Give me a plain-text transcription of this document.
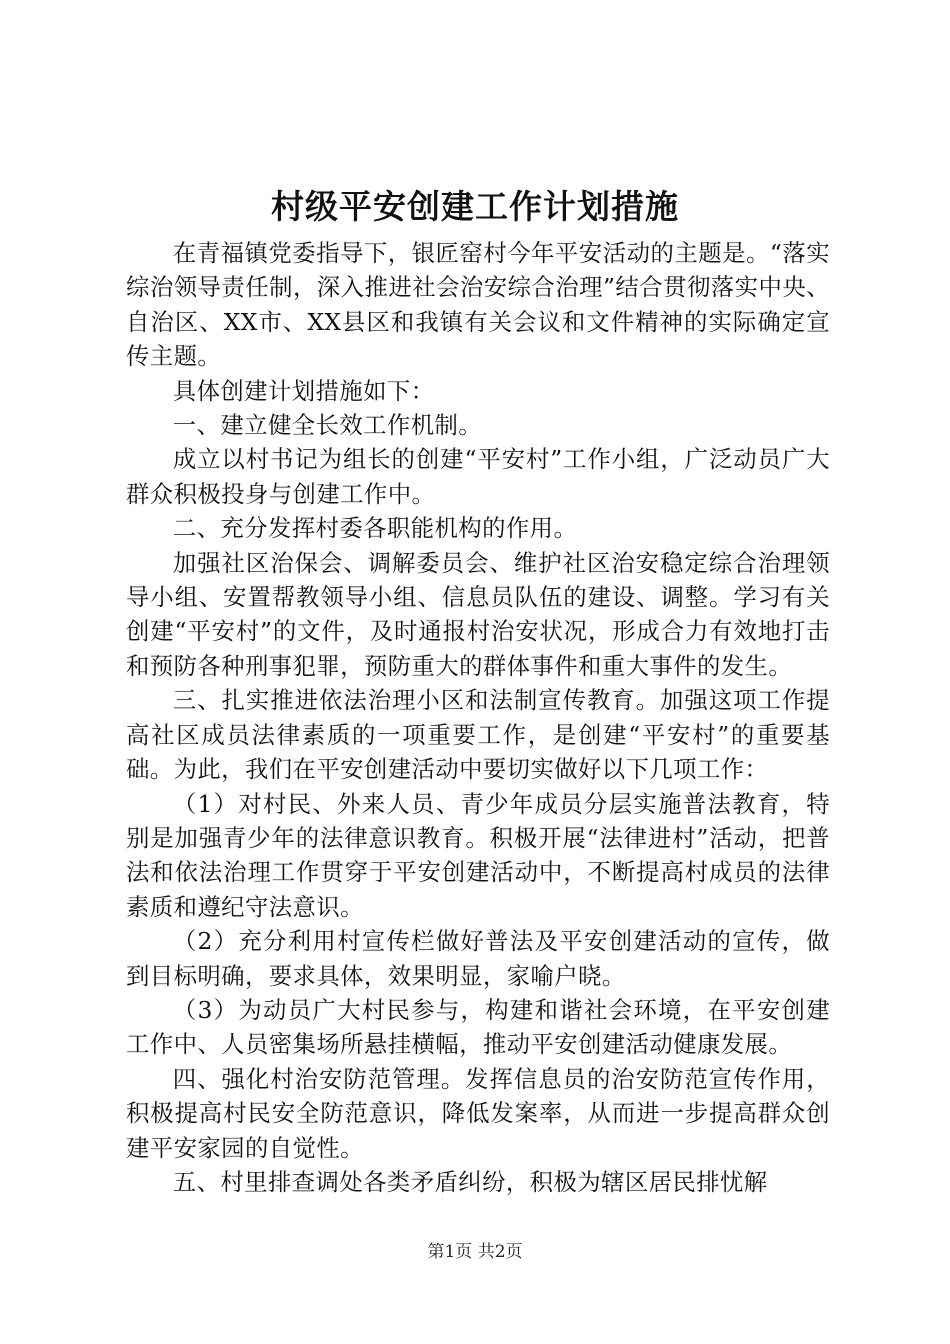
村级平安创建工作计划措施

在青福镇党委指导下，银匠窑村今年平安活动的主题是。“落实综治领导责任制，深入推进社会治安综合治理”结合贯彻落实中央、自治区、XX市、XX县区和我镇有关会议和文件精神的实际确定宣传主题。

具体创建计划措施如下：

一、建立健全长效工作机制。

成立以村书记为组长的创建“平安村”工作小组，广泛动员广大群众积极投身与创建工作中。

二、充分发挥村委各职能机构的作用。

加强社区治保会、调解委员会、维护社区治安稳定综合治理领导小组、安置帮教领导小组、信息员队伍的建设、调整。学习有关创建“平安村”的文件，及时通报村治安状况，形成合力有效地打击和预防各种刑事犯罪，预防重大的群体事件和重大事件的发生。

三、扎实推进依法治理小区和法制宣传教育。加强这项工作提高社区成员法律素质的一项重要工作，是创建“平安村”的重要基础。为此，我们在平安创建活动中要切实做好以下几项工作：

（1）对村民、外来人员、青少年成员分层实施普法教育，特别是加强青少年的法律意识教育。积极开展“法律进村”活动，把普法和依法治理工作贯穿于平安创建活动中，不断提高村成员的法律素质和遵纪守法意识。

（2）充分利用村宣传栏做好普法及平安创建活动的宣传，做到目标明确，要求具体，效果明显，家喻户晓。

（3）为动员广大村民参与，构建和谐社会环境，在平安创建工作中、人员密集场所悬挂横幅，推动平安创建活动健康发展。

四、强化村治安防范管理。发挥信息员的治安防范宣传作用，积极提高村民安全防范意识，降低发案率，从而进一步提高群众创建平安家园的自觉性。

五、村里排查调处各类矛盾纠纷，积极为辖区居民排忧解

第1页 共2页
